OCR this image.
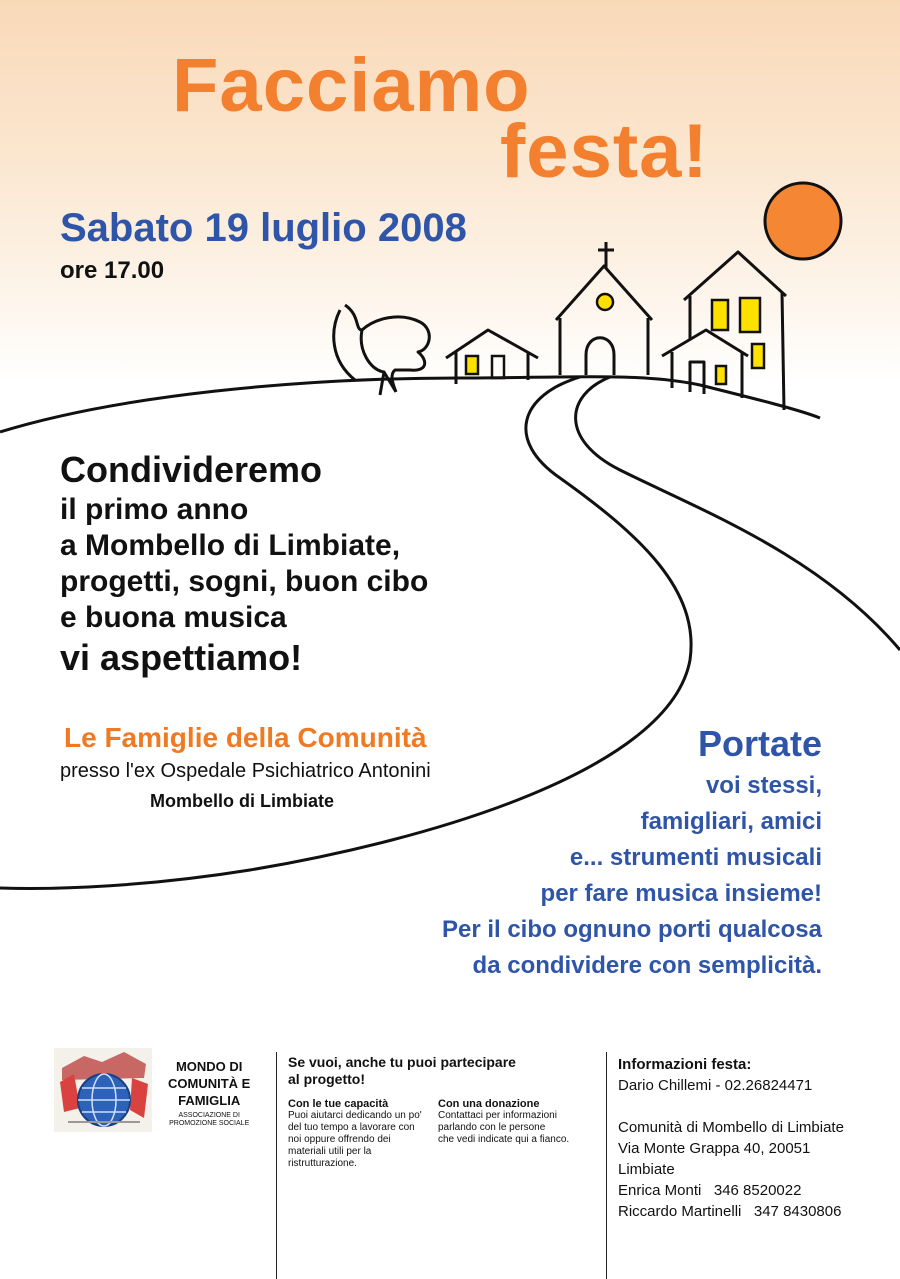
Facciamo
festa!
Sabato 19 luglio 2008
ore 17.00
Condivideremo
il primo anno
a Mombello di Limbiate,
progetti, sogni, buon cibo
e buona musica
vi aspettiamo!
Le Famiglie della Comunità
presso l'ex Ospedale Psichiatrico Antonini
Mombello di Limbiate
Portate
voi stessi,
famigliari, amici
e... strumenti musicali
per fare musica insieme!
Per il cibo ognuno porti qualcosa
da condividere con semplicità.
MONDO DI
COMUNITÀ E
FAMIGLIA
ASSOCIAZIONE DI
PROMOZIONE SOCIALE
Se vuoi, anche tu puoi partecipare
al progetto!
Con le tue capacità
Puoi aiutarci dedicando un po'
del tuo tempo a lavorare con
noi oppure offrendo dei
materiali utili per la
ristrutturazione.
Con una donazione
Contattaci per informazioni
parlando con le persone
che vedi indicate qui a fianco.
Informazioni festa:
Dario Chillemi - 02.26824471
Comunità di Mombello di Limbiate
Via Monte Grappa 40, 20051
Limbiate
Enrica Monti   346 8520022
Riccardo Martinelli   347 8430806
